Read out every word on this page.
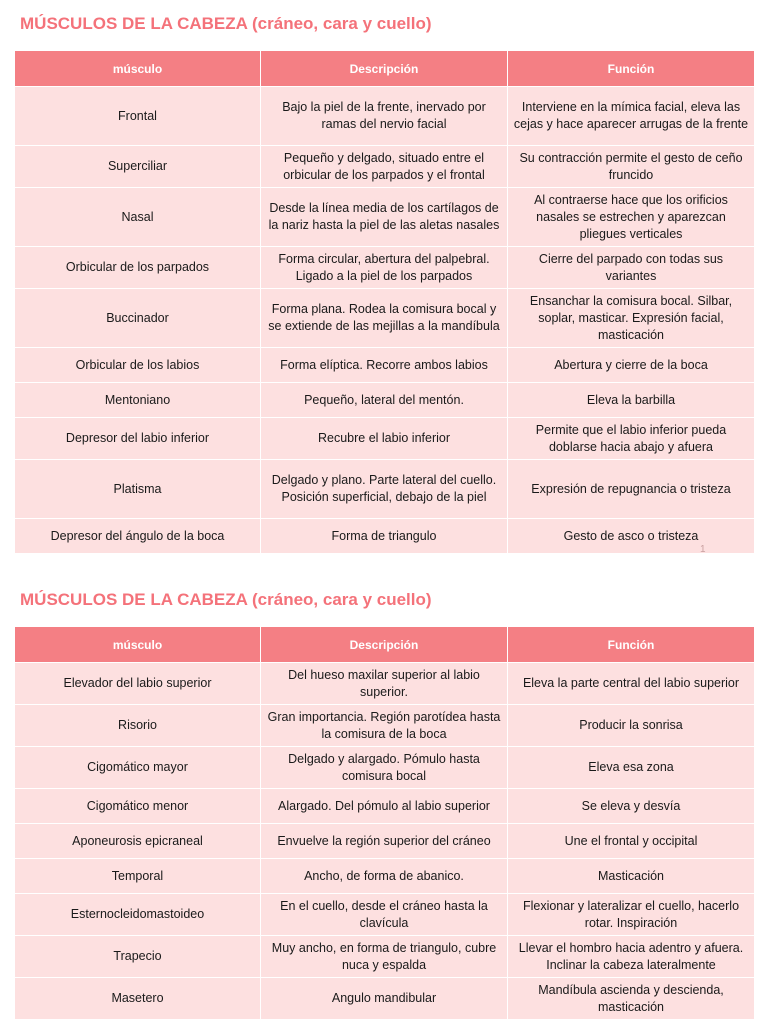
MÚSCULOS DE LA CABEZA (cráneo, cara y cuello)
músculo	Descripción	Función
Frontal	Bajo la piel de la frente, inervado por ramas del nervio facial	Interviene en la mímica facial, eleva las cejas y hace aparecer arrugas de la frente
Superciliar	Pequeño y delgado, situado entre el orbicular de los parpados y el frontal	Su contracción permite el gesto de ceño fruncido
Nasal	Desde la línea media de los cartílagos de la nariz hasta la piel de las aletas nasales	Al contraerse hace que los orificios nasales se estrechen y aparezcan pliegues verticales
Orbicular de los parpados	Forma circular, abertura del palpebral. Ligado a la piel de los parpados	Cierre del parpado con todas sus variantes
Buccinador	Forma plana. Rodea la comisura bocal y se extiende de las mejillas a la mandíbula	Ensanchar la comisura bocal. Silbar, soplar, masticar. Expresión facial, masticación
Orbicular de los labios	Forma elíptica. Recorre ambos labios	Abertura y cierre de la boca
Mentoniano	Pequeño, lateral del mentón.	Eleva la barbilla
Depresor del labio inferior	Recubre el labio inferior	Permite que el labio inferior pueda doblarse hacia abajo y afuera
Platisma	Delgado y plano. Parte lateral del cuello. Posición superficial, debajo de la piel	Expresión de repugnancia o tristeza
Depresor del ángulo de la boca	Forma de triangulo	Gesto de asco o tristeza
1
MÚSCULOS DE LA CABEZA (cráneo, cara y cuello)
músculo	Descripción	Función
Elevador del labio superior	Del hueso maxilar superior al labio superior.	Eleva la parte central del labio superior
Risorio	Gran importancia. Región parotídea hasta la comisura de la boca	Producir la sonrisa
Cigomático mayor	Delgado y alargado. Pómulo hasta comisura bocal	Eleva esa zona
Cigomático menor	Alargado. Del pómulo al labio superior	Se eleva y desvía
Aponeurosis epicraneal	Envuelve la región superior del cráneo	Une el frontal y occipital
Temporal	Ancho, de forma de abanico.	Masticación
Esternocleidomastoideo	En el cuello, desde el cráneo hasta la clavícula	Flexionar y lateralizar el cuello, hacerlo rotar. Inspiración
Trapecio	Muy ancho, en forma de triangulo, cubre nuca y espalda	Llevar el hombro hacia adentro y afuera. Inclinar la cabeza lateralmente
Masetero	Angulo mandibular	Mandíbula ascienda y descienda, masticación
